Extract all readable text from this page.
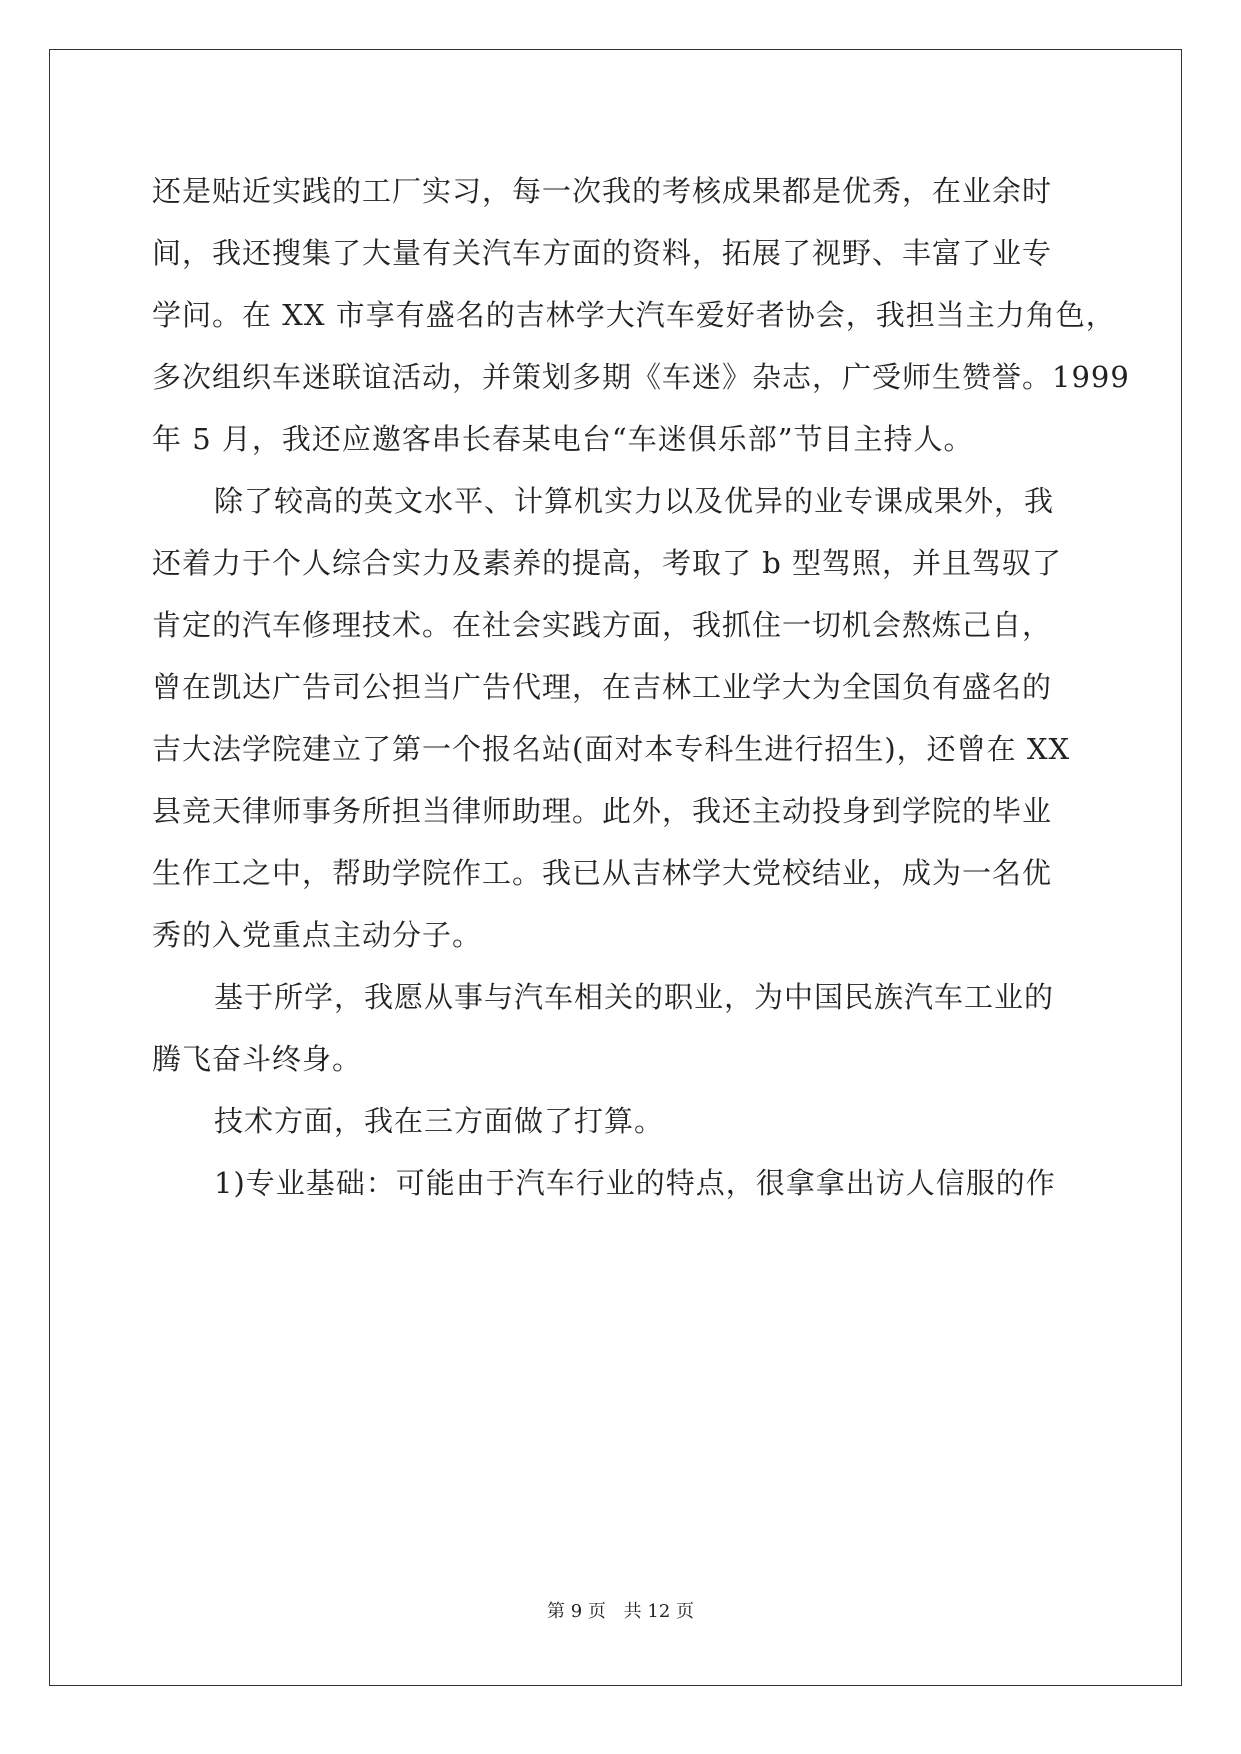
还是贴近实践的工厂实习，每一次我的考核成果都是优秀，在业余时
间，我还搜集了大量有关汽车方面的资料，拓展了视野、丰富了业专
学问。在 XX 市享有盛名的吉林学大汽车爱好者协会，我担当主力角色，
多次组织车迷联谊活动，并策划多期《车迷》杂志，广受师生赞誉。1999
年 5 月，我还应邀客串长春某电台“车迷俱乐部”节目主持人。
除了较高的英文水平、计算机实力以及优异的业专课成果外，我
还着力于个人综合实力及素养的提高，考取了 b 型驾照，并且驾驭了
肯定的汽车修理技术。在社会实践方面，我抓住一切机会熬炼己自，
曾在凯达广告司公担当广告代理，在吉林工业学大为全国负有盛名的
吉大法学院建立了第一个报名站(面对本专科生进行招生)，还曾在 XX
县竞天律师事务所担当律师助理。此外，我还主动投身到学院的毕业
生作工之中，帮助学院作工。我已从吉林学大党校结业，成为一名优
秀的入党重点主动分子。
基于所学，我愿从事与汽车相关的职业，为中国民族汽车工业的
腾飞奋斗终身。
技术方面，我在三方面做了打算。
1)专业基础：可能由于汽车行业的特点，很拿拿出访人信服的作
第 9 页 共 12 页
